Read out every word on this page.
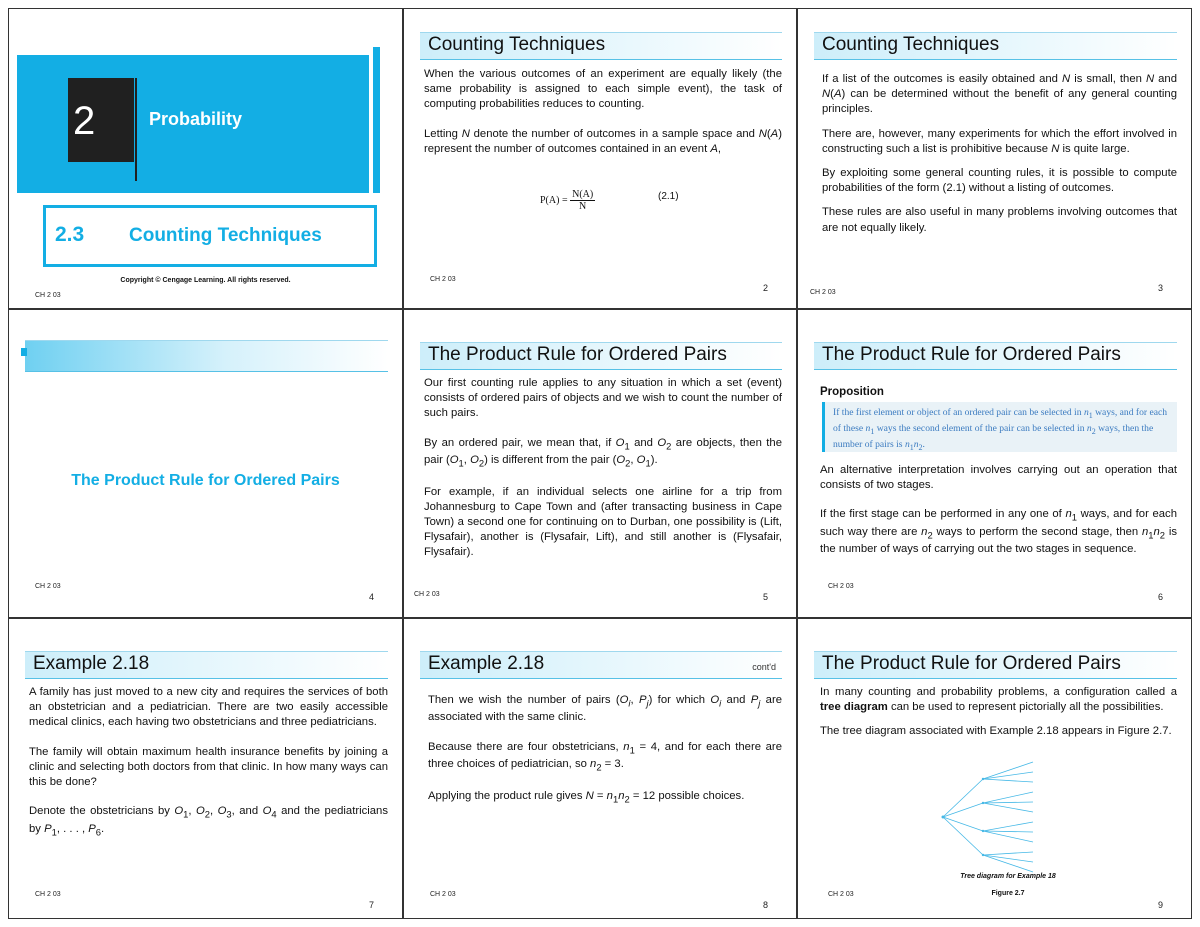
2	Probability
2.3 Counting Techniques
Copyright © Cengage Learning. All rights reserved.
CH 2 03
Counting Techniques

When the various outcomes of an experiment are equally likely (the same probability is assigned to each simple event), the task of computing probabilities reduces to counting.

Letting N denote the number of outcomes in a sample space and N(A) represent the number of outcomes contained in an event A,

$P(A) = \frac{N(A)}{N}$	(2.1)
CH 2 03
2
Counting Techniques

If a list of the outcomes is easily obtained and N is small, then N and N(A) can be determined without the benefit of any general counting principles.

There are, however, many experiments for which the effort involved in constructing such a list is prohibitive because N is quite large.

By exploiting some general counting rules, it is possible to compute probabilities of the form (2.1) without a listing of outcomes.

These rules are also useful in many problems involving outcomes that are not equally likely.

CH 2 03	3
The Product Rule for Ordered Pairs
CH 2 03
4
The Product Rule for Ordered Pairs

Our first counting rule applies to any situation in which a set (event) consists of ordered pairs of objects and we wish to count the number of such pairs.

By an ordered pair, we mean that, if $O_1$ and $O_2$ are objects, then the pair ($O_1$, $O_2$) is different from the pair ($O_2$, $O_1$).

For example, if an individual selects one airline for a trip from Johannesburg to Cape Town and (after transacting business in Cape Town) a second one for continuing on to Durban, one possibility is (Lift, Flysafair), another is (Flysafair, Lift), and still another is (Flysafair, Flysafair).

CH 2 03	5
The Product Rule for Ordered Pairs
Proposition
If the first element or object of an ordered pair can be selected in $n_1$ ways, and for each of these $n_1$ ways the second element of the pair can be selected in $n_2$ ways, then the number of pairs is $n_1n_2$.

An alternative interpretation involves carrying out an operation that consists of two stages.

If the first stage can be performed in any one of $n_1$ ways, and for each such way there are $n_2$ ways to perform the second stage, then $n_1n_2$ is the number of ways of carrying out the two stages in sequence.

CH 2 03
6
Example 2.18

A family has just moved to a new city and requires the services of both an obstetrician and a pediatrician. There are two easily accessible medical clinics, each having two obstetricians and three pediatricians.

The family will obtain maximum health insurance benefits by joining a clinic and selecting both doctors from that clinic. In how many ways can this be done?

Denote the obstetricians by $O_1$, $O_2$, $O_3$, and $O_4$ and the pediatricians by $P_1$, . . . , $P_6$.

CH 2 03
7
Example 2.18	cont'd

Then we wish the number of pairs ($O_i$, $P_j$) for which $O_i$ and $P_j$ are associated with the same clinic.

Because there are four obstetricians, $n_1 = 4$, and for each there are three choices of pediatrician, so $n_2 = 3$.

Applying the product rule gives $N = n_1n_2 = 12$ possible choices.

CH 2 03
8
The Product Rule for Ordered Pairs

In many counting and probability problems, a configuration called a tree diagram can be used to represent pictorially all the possibilities.

The tree diagram associated with Example 2.18 appears in Figure 2.7.

Tree diagram for Example 18
Figure 2.7
CH 2 03
9
